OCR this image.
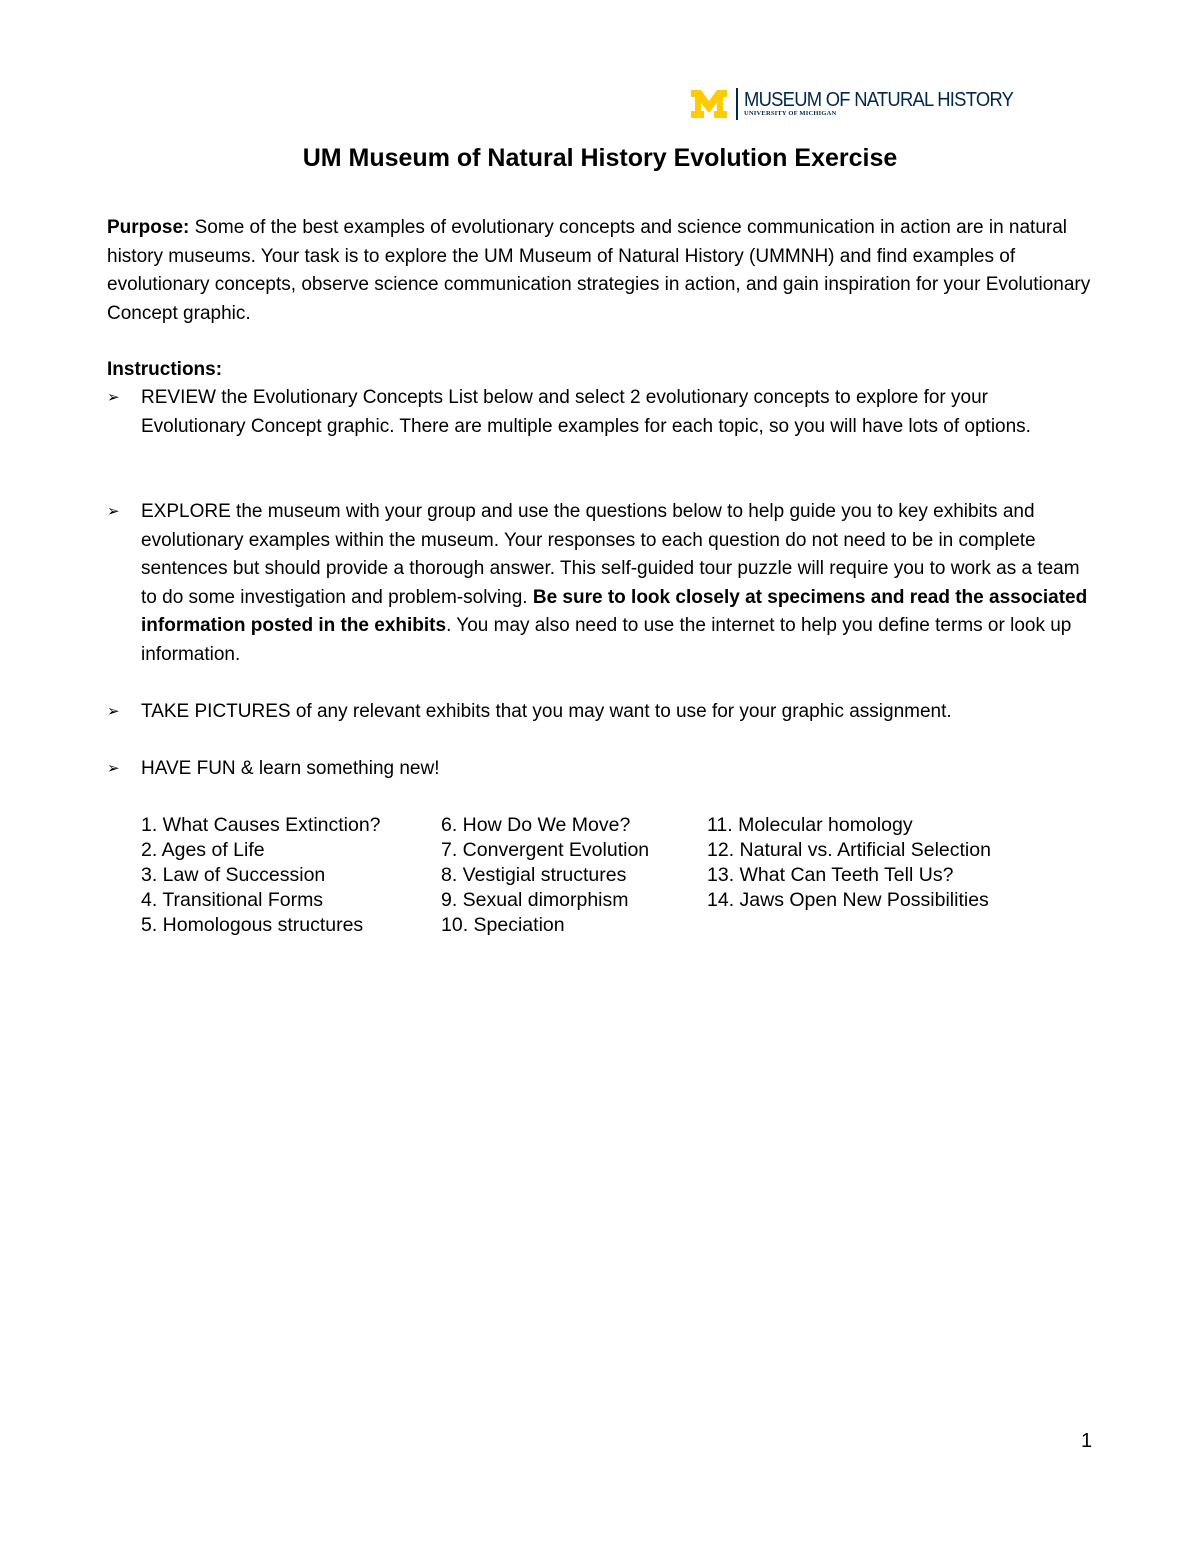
MUSEUM OF NATURAL HISTORY
UNIVERSITY OF MICHIGAN
UM Museum of Natural History Evolution Exercise

Purpose: Some of the best examples of evolutionary concepts and science communication in action are in natural history museums. Your task is to explore the UM Museum of Natural History (UMMNH) and find examples of evolutionary concepts, observe science communication strategies in action, and gain inspiration for your Evolutionary Concept graphic.

Instructions:

➢	REVIEW the Evolutionary Concepts List below and select 2 evolutionary concepts to explore for your Evolutionary Concept graphic. There are multiple examples for each topic, so you will have lots of options.
➢	EXPLORE the museum with your group and use the questions below to help guide you to key exhibits and evolutionary examples within the museum. Your responses to each question do not need to be in complete sentences but should provide a thorough answer. This self-guided tour puzzle will require you to work as a team to do some investigation and problem-solving. Be sure to look closely at specimens and read the associated information posted in the exhibits. You may also need to use the internet to help you define terms or look up information.
➢	TAKE PICTURES of any relevant exhibits that you may want to use for your graphic assignment.
➢	HAVE FUN & learn something new!
1. What Causes Extinction?
2. Ages of Life
3. Law of Succession
4. Transitional Forms
5. Homologous structures
6. How Do We Move?
7. Convergent Evolution
8. Vestigial structures
9. Sexual dimorphism
10. Speciation
11. Molecular homology
12. Natural vs. Artificial Selection
13. What Can Teeth Tell Us?
14. Jaws Open New Possibilities
1
